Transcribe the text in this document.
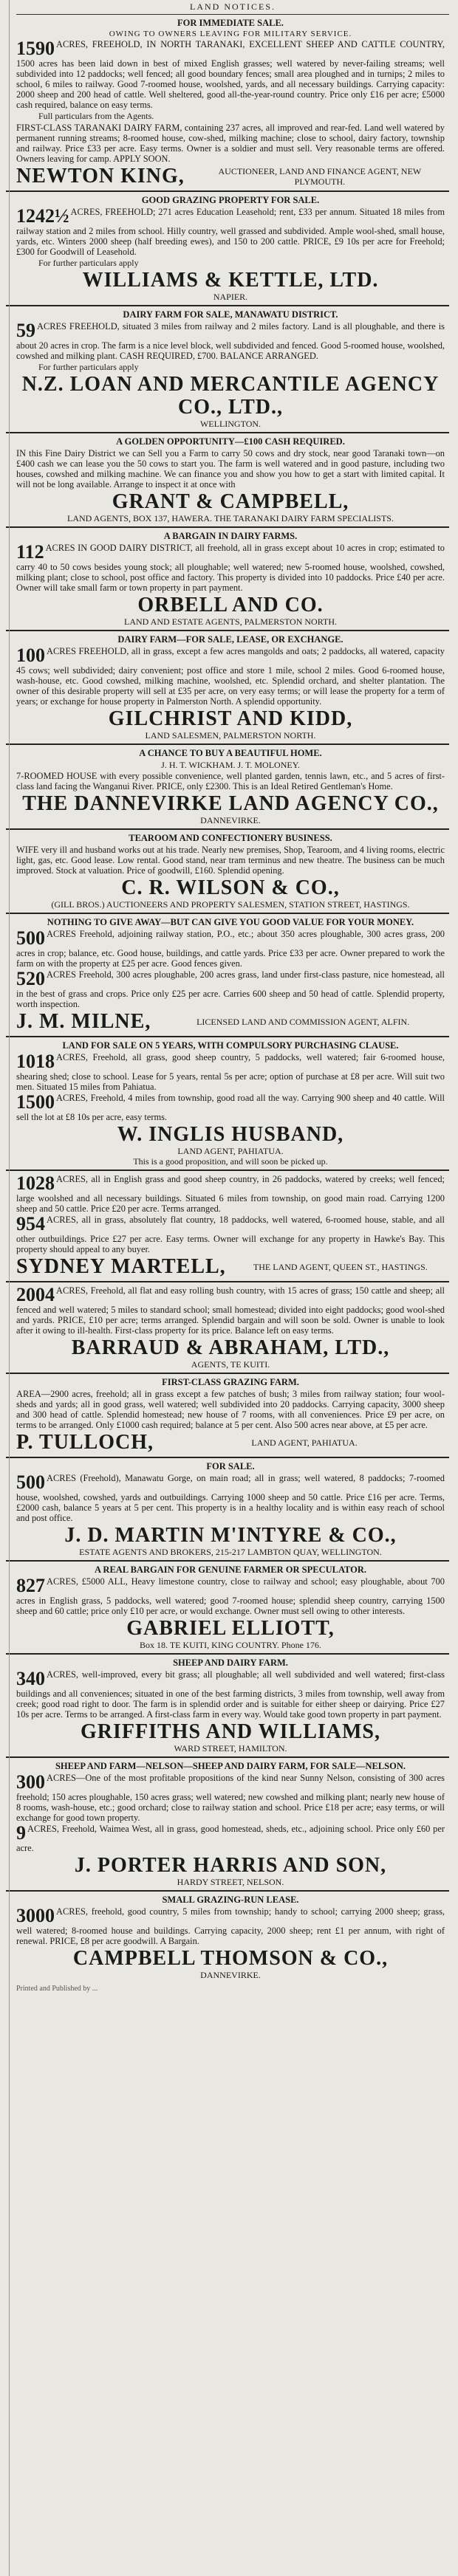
LAND NOTICES.
FOR IMMEDIATE SALE.
OWING TO OWNERS LEAVING FOR MILITARY SERVICE.

1590 ACRES, FREEHOLD, IN NORTH TARANAKI, EXCELLENT SHEEP AND CATTLE COUNTRY, 1500 acres has been laid down in best of mixed English grasses; well watered by never-failing streams; well subdivided into 12 paddocks; well fenced; all good boundary fences; small area ploughed and in turnips; 2 miles to school, 6 miles to railway. Good 7-roomed house, woolshed, yards, and all necessary buildings. Carrying capacity: 2000 sheep and 200 head of cattle. Well sheltered, good all-the-year-round country. Price only £16 per acre; £5000 cash required, balance on easy terms.

Full particulars from the Agents.

FIRST-CLASS TARANAKI DAIRY FARM, containing 237 acres, all improved and rear-fed. Land well watered by permanent running streams; 8-roomed house, cow-shed, milking machine; close to school, dairy factory, township and railway. Price £33 per acre. Easy terms. Owner is a soldier and must sell. Very reasonable terms are offered. Owners leaving for camp. APPLY SOON.

NEWTON KING,	AUCTIONEER, LAND AND FINANCE AGENT, NEW PLYMOUTH.
GOOD GRAZING PROPERTY FOR SALE.

1242½ ACRES, FREEHOLD; 271 acres Education Leasehold; rent, £33 per annum. Situated 18 miles from railway station and 2 miles from school. Hilly country, well grassed and subdivided. Ample wool-shed, small house, yards, etc. Winters 2000 sheep (half breeding ewes), and 150 to 200 cattle. PRICE, £9 10s per acre for Freehold; £300 for Goodwill of Leasehold.

For further particulars apply
WILLIAMS & KETTLE, LTD.
NAPIER.
DAIRY FARM FOR SALE, MANAWATU DISTRICT.

59 ACRES FREEHOLD, situated 3 miles from railway and 2 miles factory. Land is all ploughable, and there is about 20 acres in crop. The farm is a nice level block, well subdivided and fenced. Good 5-roomed house, woolshed, cowshed and milking plant. CASH REQUIRED, £700. BALANCE ARRANGED.

For further particulars apply
N.Z. LOAN AND MERCANTILE AGENCY CO., LTD.,
WELLINGTON.
A GOLDEN OPPORTUNITY—£100 CASH REQUIRED.

IN this Fine Dairy District we can Sell you a Farm to carry 50 cows and dry stock, near good Taranaki town—on £400 cash we can lease you the 50 cows to start you. The farm is well watered and in good pasture, including two houses, cowshed and milking machine. We can finance you and show you how to get a start with limited capital. It will not be long available. Arrange to inspect it at once with

GRANT & CAMPBELL,
LAND AGENTS, BOX 137, HAWERA. THE TARANAKI DAIRY FARM SPECIALISTS.
A BARGAIN IN DAIRY FARMS.

112 ACRES IN GOOD DAIRY DISTRICT, all freehold, all in grass except about 10 acres in crop; estimated to carry 40 to 50 cows besides young stock; all ploughable; well watered; new 5-roomed house, woolshed, cowshed, milking plant; close to school, post office and factory. This property is divided into 10 paddocks. Price £40 per acre. Owner will take small farm or town property in part payment.

ORBELL AND CO.
LAND AND ESTATE AGENTS, PALMERSTON NORTH.
DAIRY FARM—FOR SALE, LEASE, OR EXCHANGE.

100 ACRES FREEHOLD, all in grass, except a few acres mangolds and oats; 2 paddocks, all watered, capacity 45 cows; well subdivided; dairy convenient; post office and store 1 mile, school 2 miles. Good 6-roomed house, wash-house, etc. Good cowshed, milking machine, woolshed, etc. Splendid orchard, and shelter plantation. The owner of this desirable property will sell at £35 per acre, on very easy terms; or will lease the property for a term of years; or exchange for house property in Palmerston North. A splendid opportunity.

GILCHRIST AND KIDD,
LAND SALESMEN, PALMERSTON NORTH.
A CHANCE TO BUY A BEAUTIFUL HOME.
J. H. T. WICKHAM. J. T. MOLONEY.

7-ROOMED HOUSE with every possible convenience, well planted garden, tennis lawn, etc., and 5 acres of first-class land facing the Wanganui River. PRICE, only £2300. This is an Ideal Retired Gentleman's Home.

THE DANNEVIRKE LAND AGENCY CO.,
DANNEVIRKE.
TEAROOM AND CONFECTIONERY BUSINESS.

WIFE very ill and husband works out at his trade. Nearly new premises, Shop, Tearoom, and 4 living rooms, electric light, gas, etc. Good lease. Low rental. Good stand, near tram terminus and new theatre. The business can be much improved. Stock at valuation. Price of goodwill, £160. Splendid opening.

C. R. WILSON & CO.,
(GILL BROS.) AUCTIONEERS AND PROPERTY SALESMEN, STATION STREET, HASTINGS.
NOTHING TO GIVE AWAY—BUT CAN GIVE YOU GOOD VALUE FOR YOUR MONEY.

500 ACRES Freehold, adjoining railway station, P.O., etc.; about 350 acres ploughable, 300 acres grass, 200 acres in crop; balance, etc. Good house, buildings, and cattle yards. Price £33 per acre. Owner prepared to work the farm on with the property at £25 per acre. Good fences given.

520 ACRES Freehold, 300 acres ploughable, 200 acres grass, land under first-class pasture, nice homestead, all in the best of grass and crops. Price only £25 per acre. Carries 600 sheep and 50 head of cattle. Splendid property, worth inspection.

J. M. MILNE,	LICENSED LAND AND COMMISSION AGENT, ALFIN.
LAND FOR SALE ON 5 YEARS, WITH COMPULSORY PURCHASING CLAUSE.

1018 ACRES, Freehold, all grass, good sheep country, 5 paddocks, well watered; fair 6-roomed house, shearing shed; close to school. Lease for 5 years, rental 5s per acre; option of purchase at £8 per acre. Will suit two men. Situated 15 miles from Pahiatua.

1500 ACRES, Freehold, 4 miles from township, good road all the way. Carrying 900 sheep and 40 cattle. Will sell the lot at £8 10s per acre, easy terms.

W. INGLIS HUSBAND,
LAND AGENT, PAHIATUA.
This is a good proposition, and will soon be picked up.

1028 ACRES, all in English grass and good sheep country, in 26 paddocks, watered by creeks; well fenced; large woolshed and all necessary buildings. Situated 6 miles from township, on good main road. Carrying 1200 sheep and 50 cattle. Price £20 per acre. Terms arranged.

954 ACRES, all in grass, absolutely flat country, 18 paddocks, well watered, 6-roomed house, stable, and all other outbuildings. Price £27 per acre. Easy terms. Owner will exchange for any property in Hawke's Bay. This property should appeal to any buyer.

SYDNEY MARTELL,	THE LAND AGENT, QUEEN ST., HASTINGS.

2004 ACRES, Freehold, all flat and easy rolling bush country, with 15 acres of grass; 150 cattle and sheep; all fenced and well watered; 5 miles to standard school; small homestead; divided into eight paddocks; good wool-shed and yards. PRICE, £10 per acre; terms arranged. Splendid bargain and will soon be sold. Owner is unable to look after it owing to ill-health. First-class property for its price. Balance left on easy terms.

BARRAUD & ABRAHAM, LTD.,
AGENTS, TE KUITI.
FIRST-CLASS GRAZING FARM.

AREA—2900 acres, freehold; all in grass except a few patches of bush; 3 miles from railway station; four wool-sheds and yards; all in good grass, well watered; well subdivided into 20 paddocks. Carrying capacity, 3000 sheep and 300 head of cattle. Splendid homestead; new house of 7 rooms, with all conveniences. Price £9 per acre, on terms to be arranged. Only £1000 cash required; balance at 5 per cent. Also 500 acres near above, at £5 per acre.

P. TULLOCH,	LAND AGENT, PAHIATUA.
FOR SALE.

500 ACRES (Freehold), Manawatu Gorge, on main road; all in grass; well watered, 8 paddocks; 7-roomed house, woolshed, cowshed, yards and outbuildings. Carrying 1000 sheep and 50 cattle. Price £16 per acre. Terms, £2000 cash, balance 5 years at 5 per cent. This property is in a healthy locality and is within easy reach of school and post office.

J. D. MARTIN M'INTYRE & CO.,
ESTATE AGENTS AND BROKERS, 215-217 LAMBTON QUAY, WELLINGTON.
A REAL BARGAIN FOR GENUINE FARMER OR SPECULATOR.

827 ACRES, £5000 ALL, Heavy limestone country, close to railway and school; easy ploughable, about 700 acres in English grass, 5 paddocks, well watered; good 7-roomed house; splendid sheep country, carrying 1500 sheep and 60 cattle; price only £10 per acre, or would exchange. Owner must sell owing to other interests.

GABRIEL ELLIOTT,
Box 18. TE KUITI, KING COUNTRY. Phone 176.
SHEEP AND DAIRY FARM.

340 ACRES, well-improved, every bit grass; all ploughable; all well subdivided and well watered; first-class buildings and all conveniences; situated in one of the best farming districts, 3 miles from township, well away from creek; good road right to door. The farm is in splendid order and is suitable for either sheep or dairying. Price £27 10s per acre. Terms to be arranged. A first-class farm in every way. Would take good town property in part payment.

GRIFFITHS AND WILLIAMS,
WARD STREET, HAMILTON.
SHEEP AND FARM—NELSON—SHEEP AND DAIRY FARM, FOR SALE—NELSON.

300 ACRES—One of the most profitable propositions of the kind near Sunny Nelson, consisting of 300 acres freehold; 150 acres ploughable, 150 acres grass; well watered; new cowshed and milking plant; nearly new house of 8 rooms, wash-house, etc.; good orchard; close to railway station and school. Price £18 per acre; easy terms, or will exchange for good town property.

9 ACRES, Freehold, Waimea West, all in grass, good homestead, sheds, etc., adjoining school. Price only £60 per acre.

J. PORTER HARRIS AND SON,
HARDY STREET, NELSON.
SMALL GRAZING-RUN LEASE.

3000 ACRES, freehold, good country, 5 miles from township; handy to school; carrying 2000 sheep; grass, well watered; 8-roomed house and buildings. Carrying capacity, 2000 sheep; rent £1 per annum, with right of renewal. PRICE, £8 per acre goodwill. A Bargain.

CAMPBELL THOMSON & CO.,
DANNEVIRKE.
Printed and Published by ...
